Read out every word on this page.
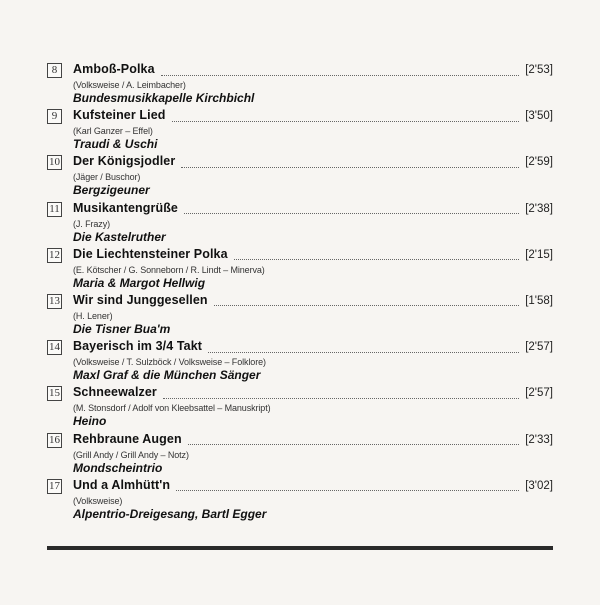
8	Amboß-Polka	[2'53]
(Volksweise / A. Leimbacher)
Bundesmusikkapelle Kirchbichl
9	Kufsteiner Lied	[3'50]
(Karl Ganzer – Effel)
Traudi & Uschi
10 Der Königsjodler	[2'59]
(Jäger / Buschor)
Bergzigeuner
11 Musikantengrüße	[2'38]
(J. Frazy)
Die Kastelruther
12 Die Liechtensteiner Polka	[2'15]
(E. Kötscher / G. Sonneborn / R. Lindt – Minerva)
Maria & Margot Hellwig
13 Wir sind Junggesellen	[1'58]
(H. Lener)
Die Tisner Bua'm
14 Bayerisch im 3/4 Takt	[2'57]
(Volksweise / T. Sulzböck / Volksweise – Folklore)
Maxl Graf & die München Sänger
15 Schneewalzer	[2'57]
(M. Stonsdorf / Adolf von Kleebsattel – Manuskript)
Heino
16 Rehbraune Augen	[2'33]
(Grill Andy / Grill Andy – Notz)
Mondscheintrio
17 Und a Almhütt'n	[3'02]
(Volksweise)
Alpentrio-Dreigesang, Bartl Egger
